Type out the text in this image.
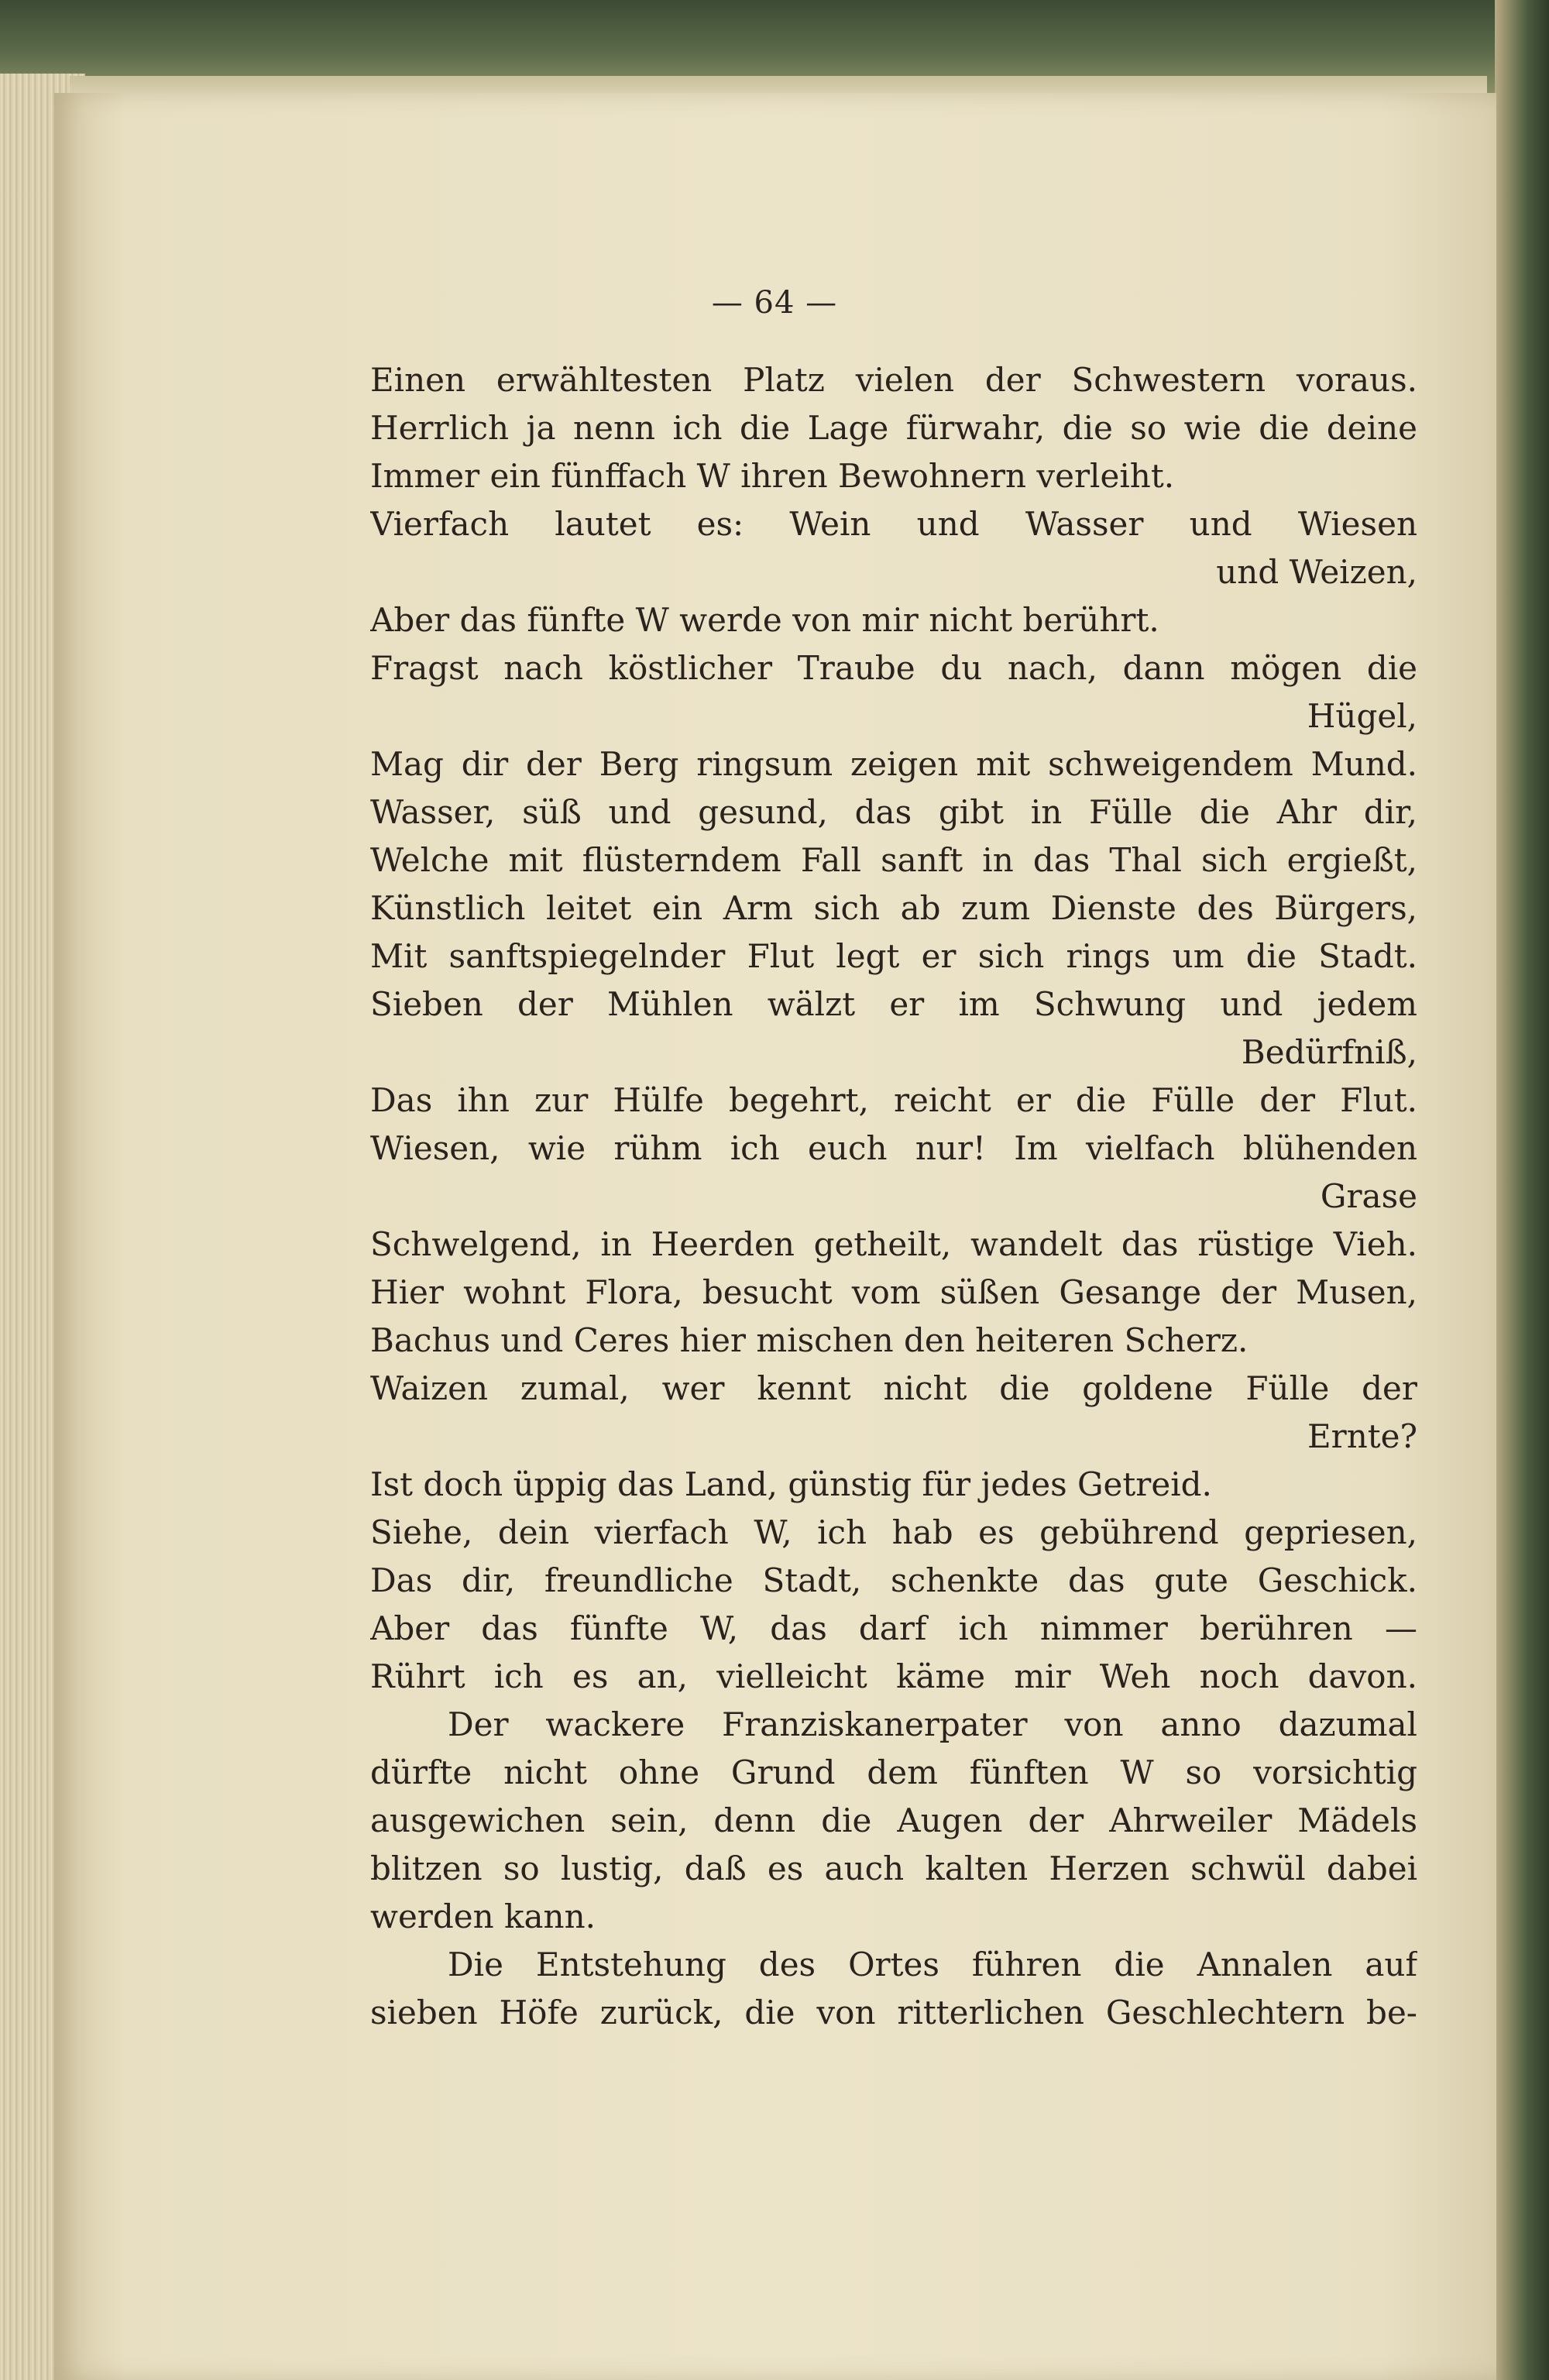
— 64 —
Einen erwähltesten Platz vielen der Schwestern voraus.
Herrlich ja nenn ich die Lage fürwahr, die so wie die deine
Immer ein fünffach W ihren Bewohnern verleiht.
Vierfach lautet es: Wein und Wasser und Wiesen
und Weizen,
Aber das fünfte W werde von mir nicht berührt.
Fragst nach köstlicher Traube du nach, dann mögen die
Hügel,
Mag dir der Berg ringsum zeigen mit schweigendem Mund.
Wasser, süß und gesund, das gibt in Fülle die Ahr dir,
Welche mit flüsterndem Fall sanft in das Thal sich ergießt,
Künstlich leitet ein Arm sich ab zum Dienste des Bürgers,
Mit sanftspiegelnder Flut legt er sich rings um die Stadt.
Sieben der Mühlen wälzt er im Schwung und jedem
Bedürfniß,
Das ihn zur Hülfe begehrt, reicht er die Fülle der Flut.
Wiesen, wie rühm ich euch nur! Im vielfach blühenden
Grase
Schwelgend, in Heerden getheilt, wandelt das rüstige Vieh.
Hier wohnt Flora, besucht vom süßen Gesange der Musen,
Bachus und Ceres hier mischen den heiteren Scherz.
Waizen zumal, wer kennt nicht die goldene Fülle der
Ernte?
Ist doch üppig das Land, günstig für jedes Getreid.
Siehe, dein vierfach W, ich hab es gebührend gepriesen,
Das dir, freundliche Stadt, schenkte das gute Geschick.
Aber das fünfte W, das darf ich nimmer berühren —
Rührt ich es an, vielleicht käme mir Weh noch davon.
Der wackere Franziskanerpater von anno dazumal
dürfte nicht ohne Grund dem fünften W so vorsichtig
ausgewichen sein, denn die Augen der Ahrweiler Mädels
blitzen so lustig, daß es auch kalten Herzen schwül dabei
werden kann.
Die Entstehung des Ortes führen die Annalen auf
sieben Höfe zurück, die von ritterlichen Geschlechtern be-
